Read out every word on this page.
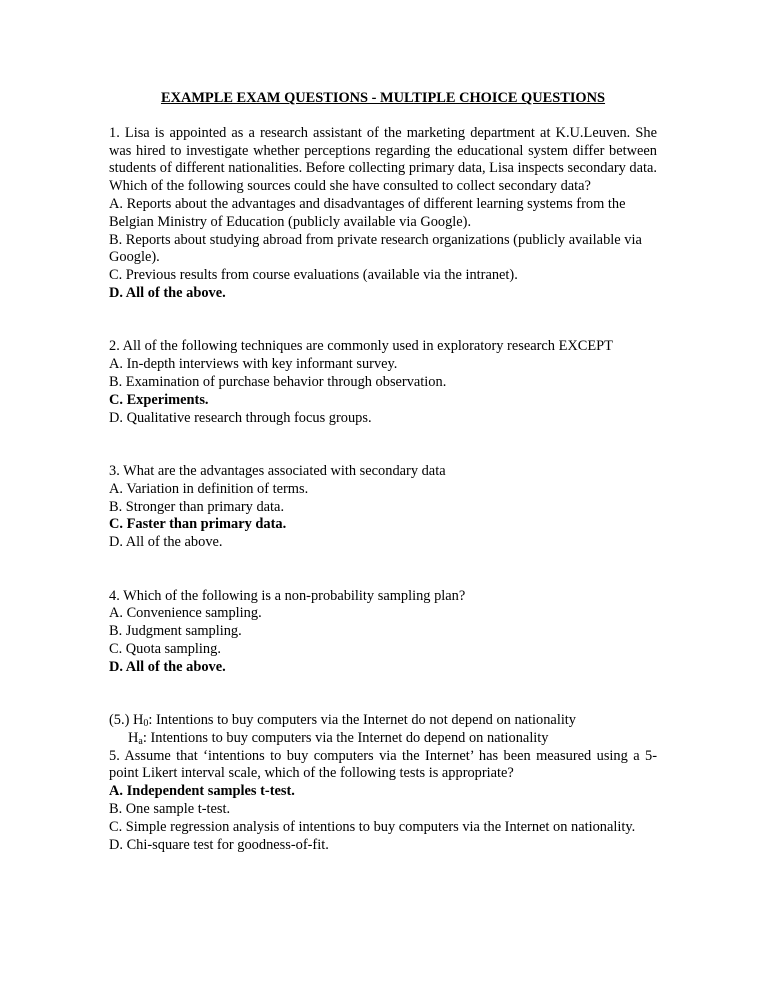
EXAMPLE EXAM QUESTIONS - MULTIPLE CHOICE QUESTIONS

1. Lisa is appointed as a research assistant of the marketing department at K.U.Leuven. She was hired to investigate whether perceptions regarding the educational system differ between students of different nationalities. Before collecting primary data, Lisa inspects secondary data. Which of the following sources could she have consulted to collect secondary data?

A. Reports about the advantages and disadvantages of different learning systems from the Belgian Ministry of Education (publicly available via Google).

B. Reports about studying abroad from private research organizations (publicly available via Google).

C. Previous results from course evaluations (available via the intranet).

D. All of the above.

2. All of the following techniques are commonly used in exploratory research EXCEPT

A. In-depth interviews with key informant survey.

B. Examination of purchase behavior through observation.

C. Experiments.

D. Qualitative research through focus groups.

3. What are the advantages associated with secondary data

A. Variation in definition of terms.

B. Stronger than primary data.

C. Faster than primary data.

D. All of the above.

4. Which of the following is a non-probability sampling plan?

A. Convenience sampling.

B. Judgment sampling.

C. Quota sampling.

D. All of the above.

(5.) $H_0$: Intentions to buy computers via the Internet do not depend on nationality

$H_a$: Intentions to buy computers via the Internet do depend on nationality

5. Assume that ‘intentions to buy computers via the Internet’ has been measured using a 5-point Likert interval scale, which of the following tests is appropriate?

A. Independent samples t-test.

B. One sample t-test.

C. Simple regression analysis of intentions to buy computers via the Internet on nationality.

D. Chi-square test for goodness-of-fit.
